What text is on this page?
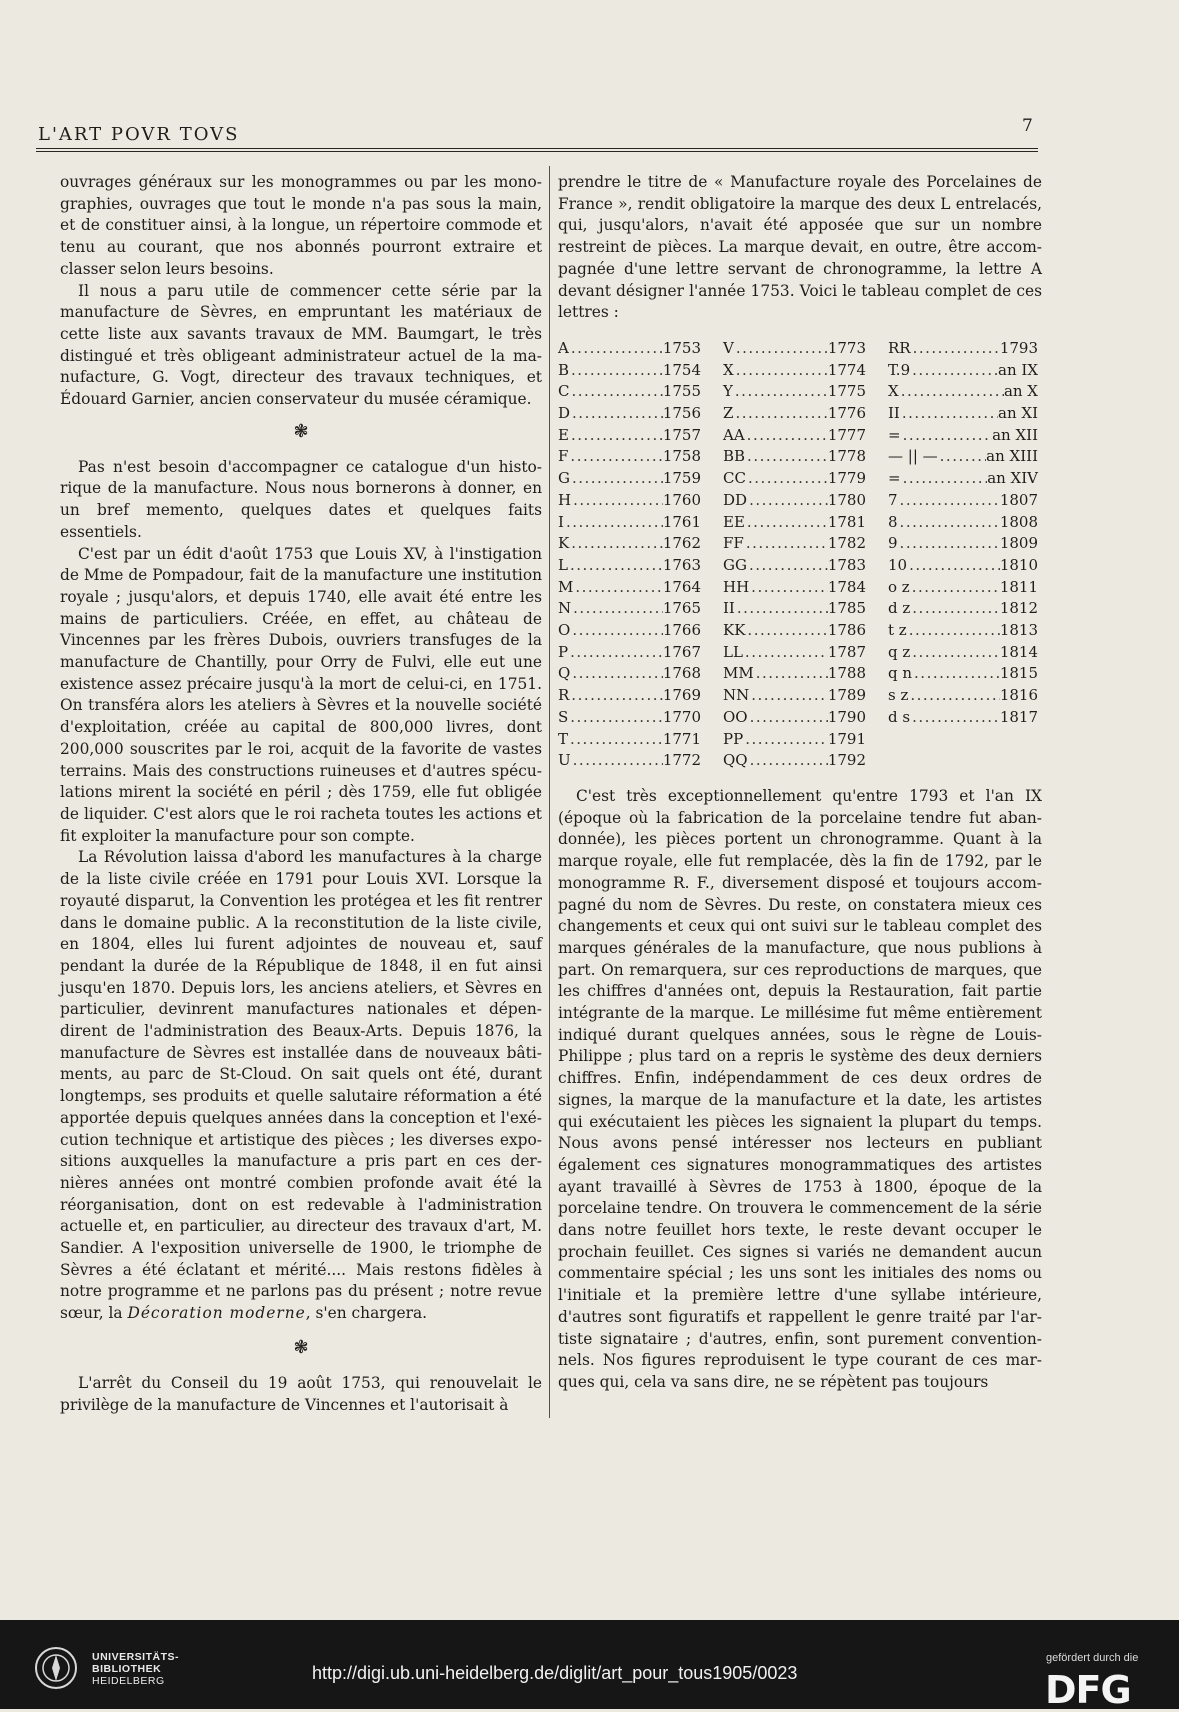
L'ART POVR TOVS	7

ouvrages généraux sur les monogrammes ou par les monographies, ouvrages que tout le monde n'a pas sous la main, et de constituer ainsi, à la longue, un répertoire commode et tenu au courant, que nos abonnés pourront extraire et classer selon leurs besoins.

Il nous a paru utile de commencer cette série par la manufacture de Sèvres, en empruntant les matériaux de cette liste aux savants travaux de MM. Baumgart, le très distingué et très obligeant administrateur actuel de la manufacture, G. Vogt, directeur des travaux techniques, et Édouard Garnier, ancien conservateur du musée céramique.

❃

Pas n'est besoin d'accompagner ce catalogue d'un historique de la manufacture. Nous nous bornerons à donner, en un bref memento, quelques dates et quelques faits essentiels.

C'est par un édit d'août 1753 que Louis XV, à l'instigation de Mme de Pompadour, fait de la manufacture une institution royale ; jusqu'alors, et depuis 1740, elle avait été entre les mains de particuliers. Créée, en effet, au château de Vincennes par les frères Dubois, ouvriers transfuges de la manufacture de Chantilly, pour Orry de Fulvi, elle eut une existence assez précaire jusqu'à la mort de celui-ci, en 1751. On transféra alors les ateliers à Sèvres et la nouvelle société d'exploitation, créée au capital de 800,000 livres, dont 200,000 souscrites par le roi, acquit de la favorite de vastes terrains. Mais des constructions ruineuses et d'autres spéculations mirent la société en péril ; dès 1759, elle fut obligée de liquider. C'est alors que le roi racheta toutes les actions et fit exploiter la manufacture pour son compte.

La Révolution laissa d'abord les manufactures à la charge de la liste civile créée en 1791 pour Louis XVI. Lorsque la royauté disparut, la Convention les protégea et les fit rentrer dans le domaine public. A la reconstitution de la liste civile, en 1804, elles lui furent adjointes de nouveau et, sauf pendant la durée de la République de 1848, il en fut ainsi jusqu'en 1870. Depuis lors, les anciens ateliers, et Sèvres en particulier, devinrent manufactures nationales et dépendirent de l'administration des Beaux-Arts. Depuis 1876, la manufacture de Sèvres est installée dans de nouveaux bâtiments, au parc de St-Cloud. On sait quels ont été, durant longtemps, ses produits et quelle salutaire réformation a été apportée depuis quelques années dans la conception et l'exécution technique et artistique des pièces ; les diverses expositions auxquelles la manufacture a pris part en ces dernières années ont montré combien profonde avait été la réorganisation, dont on est redevable à l'administration actuelle et, en particulier, au directeur des travaux d'art, M. Sandier. A l'exposition universelle de 1900, le triomphe de Sèvres a été éclatant et mérité.... Mais restons fidèles à notre programme et ne parlons pas du présent ; notre revue sœur, la Décoration moderne, s'en chargera.

❃

L'arrêt du Conseil du 19 août 1753, qui renouvelait le privilège de la manufacture de Vincennes et l'autorisait à

prendre le titre de « Manufacture royale des Porcelaines de France », rendit obligatoire la marque des deux L entrelacés, qui, jusqu'alors, n'avait été apposée que sur un nombre restreint de pièces. La marque devait, en outre, être accompagnée d'une lettre servant de chronogramme, la lettre A devant désigner l'année 1753. Voici le tableau complet de ces lettres :

A .....	1753
B .....	1754
C .....	1755
D .....	1756
E .....	1757
F .....	1758
G .....	1759
H .....	1760
I .....	1761
K .....	1762
L .....	1763
M .....	1764
N .....	1765
O .....	1766
P .....	1767
Q .....	1768
R .....	1769
S .....	1770
T .....	1771
U .....	1772
V .....	1773
X .....	1774
Y .....	1775
Z .....	1776
AA .....	1777
BB .....	1778
CC .....	1779
DD .....	1780
EE .....	1781
FF .....	1782
GG .....	1783
HH .....	1784
II .....	1785
KK .....	1786
LL .....	1787
MM .....	1788
NN .....	1789
OO .....	1790
PP .....	1791
QQ .....	1792
RR .....	1793
T.9 .....	an IX
X .....	an X
II .....	an XI
= .....	an XII
— || — .....	an XIII
= .....	an XIV
7 .....	1807
8 .....	1808
9 .....	1809
10 .....	1810
o z .....	1811
d z .....	1812
t z .....	1813
q z .....	1814
q n .....	1815
s z .....	1816
d s .....	1817

C'est très exceptionnellement qu'entre 1793 et l'an IX (époque où la fabrication de la porcelaine tendre fut abandonnée), les pièces portent un chronogramme. Quant à la marque royale, elle fut remplacée, dès la fin de 1792, par le monogramme R. F., diversement disposé et toujours accompagné du nom de Sèvres. Du reste, on constatera mieux ces changements et ceux qui ont suivi sur le tableau complet des marques générales de la manufacture, que nous publions à part. On remarquera, sur ces reproductions de marques, que les chiffres d'années ont, depuis la Restauration, fait partie intégrante de la marque. Le millésime fut même entièrement indiqué durant quelques années, sous le règne de Louis-Philippe ; plus tard on a repris le système des deux derniers chiffres. Enfin, indépendamment de ces deux ordres de signes, la marque de la manufacture et la date, les artistes qui exécutaient les pièces les signaient la plupart du temps. Nous avons pensé intéresser nos lecteurs en publiant également ces signatures monogrammatiques des artistes ayant travaillé à Sèvres de 1753 à 1800, époque de la porcelaine tendre. On trouvera le commencement de la série dans notre feuillet hors texte, le reste devant occuper le prochain feuillet. Ces signes si variés ne demandent aucun commentaire spécial ; les uns sont les initiales des noms ou l'initiale et la première lettre d'une syllabe intérieure, d'autres sont figuratifs et rappellent le genre traité par l'artiste signataire ; d'autres, enfin, sont purement conventionnels. Nos figures reproduisent le type courant de ces marques qui, cela va sans dire, ne se répètent pas toujours

UNIVERSITÄTS-
BIBLIOTHEK
HEIDELBERG	http://digi.ub.uni-heidelberg.de/diglit/art_pour_tous1905/0023
gefördert durch die
DFG
